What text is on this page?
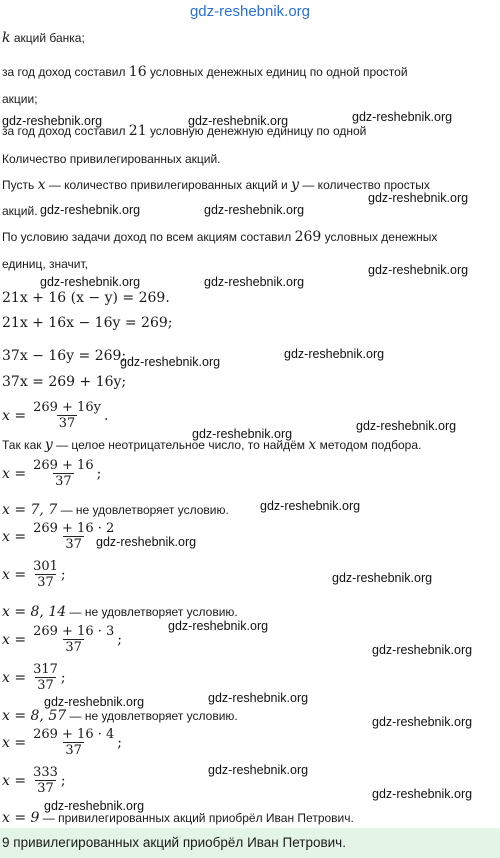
gdz-reshebnik.org
k акций банка;
за год доход составил 16 условных денежных единиц по одной простой
акции;
за год доход составил 21 условную денежную единицу по одной
Количество привилегированных акций.
Пусть x — количество привилегированных акций и y — количество простых
акций.
По условию задачи доход по всем акциям составил 269 условных денежных
единиц, значит,
21x + 16 (x − y) = 269.
21x + 16x − 16y = 269;
37x − 16y = 269;
37x = 269 + 16y;
$x = \frac{269 + 16y}{37}$ .
Так как y — целое неотрицательное число, то найдём x методом подбора.
$x = \frac{269 + 16}{37}$ ;
x = 7, 7 — не удовлетворяет условию.
$x = \frac{269 + 16 \cdot 2}{37}$
$x = \frac{301}{37}$ ;
x = 8, 14 — не удовлетворяет условию.
$x = \frac{269 + 16 \cdot 3}{37}$ ;
$x = \frac{317}{37}$ ;
x = 8, 57 — не удовлетворяет условию.
$x = \frac{269 + 16 \cdot 4}{37}$ ;
$x = \frac{333}{37}$ ;
x = 9 — привилегированных акций приобрёл Иван Петрович.
9 привилегированных акций приобрёл Иван Петрович.
gdz-reshebnik.org	gdz-reshebnik.org	gdz-reshebnik.org
gdz-reshebnik.org
gdz-reshebnik.org	gdz-reshebnik.org
gdz-reshebnik.org
gdz-reshebnik.org	gdz-reshebnik.org
gdz-reshebnik.org
gdz-reshebnik.org
gdz-reshebnik.org
gdz-reshebnik.org
gdz-reshebnik.org
gdz-reshebnik.org
gdz-reshebnik.org
gdz-reshebnik.org
gdz-reshebnik.org
gdz-reshebnik.org
gdz-reshebnik.org
gdz-reshebnik.org
gdz-reshebnik.org
gdz-reshebnik.org
gdz-reshebnik.org
